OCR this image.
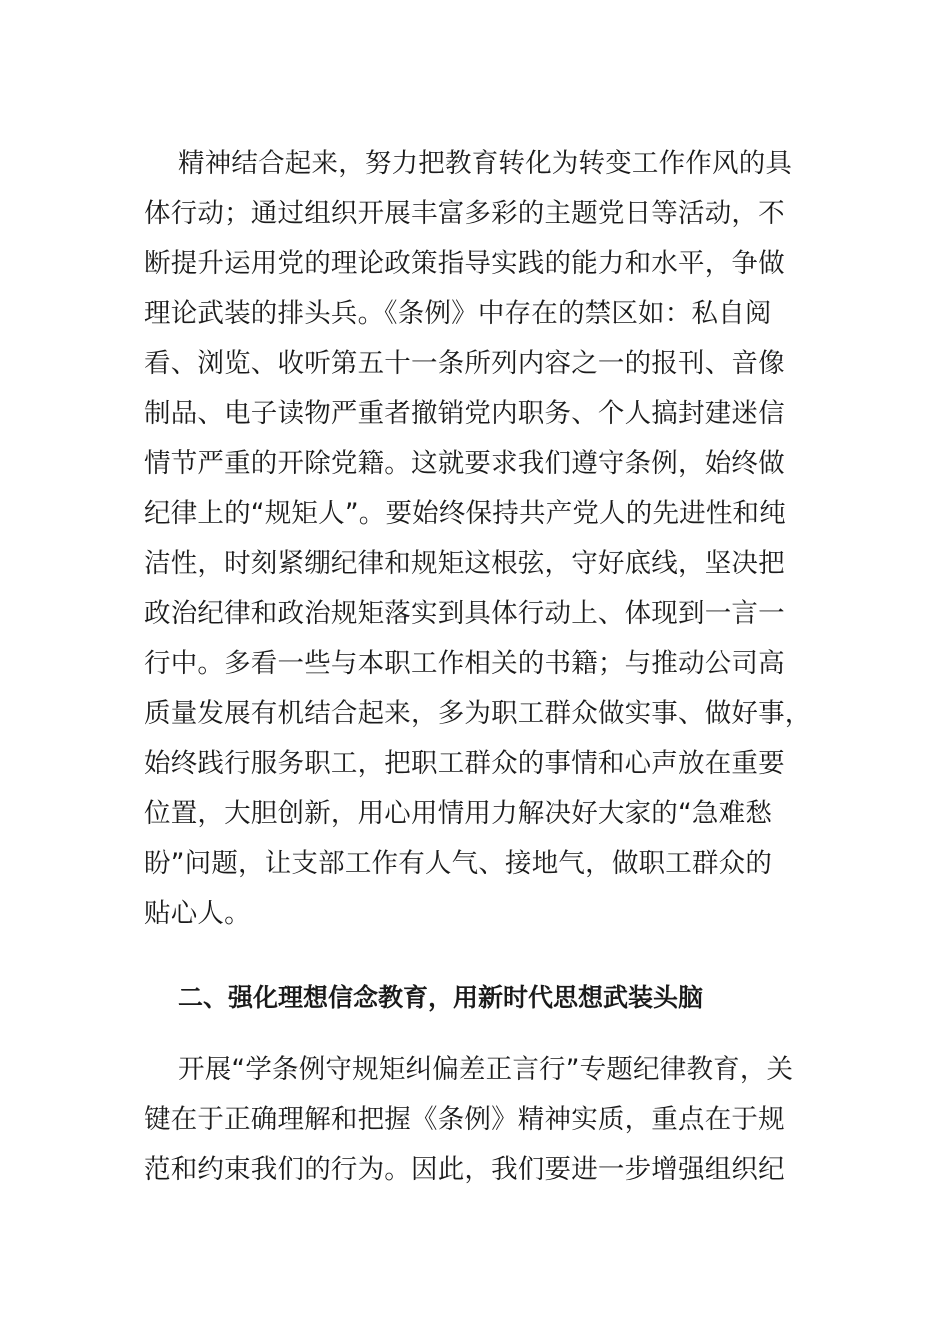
精神结合起来，努力把教育转化为转变工作作风的具
体行动；通过组织开展丰富多彩的主题党日等活动，不
断提升运用党的理论政策指导实践的能力和水平，争做
理论武装的排头兵。《条例》中存在的禁区如：私自阅
看、浏览、收听第五十一条所列内容之一的报刊、音像
制品、电子读物严重者撤销党内职务、个人搞封建迷信
情节严重的开除党籍。这就要求我们遵守条例，始终做
纪律上的“规矩人”。要始终保持共产党人的先进性和纯
洁性，时刻紧绷纪律和规矩这根弦，守好底线，坚决把
政治纪律和政治规矩落实到具体行动上、体现到一言一
行中。多看一些与本职工作相关的书籍；与推动公司高
质量发展有机结合起来，多为职工群众做实事、做好事，
始终践行服务职工，把职工群众的事情和心声放在重要
位置，大胆创新，用心用情用力解决好大家的“急难愁
盼”问题，让支部工作有人气、接地气，做职工群众的
贴心人。
二、强化理想信念教育，用新时代思想武装头脑
开展“学条例守规矩纠偏差正言行”专题纪律教育，关
键在于正确理解和把握《条例》精神实质，重点在于规
范和约束我们的行为。因此，我们要进一步增强组织纪
